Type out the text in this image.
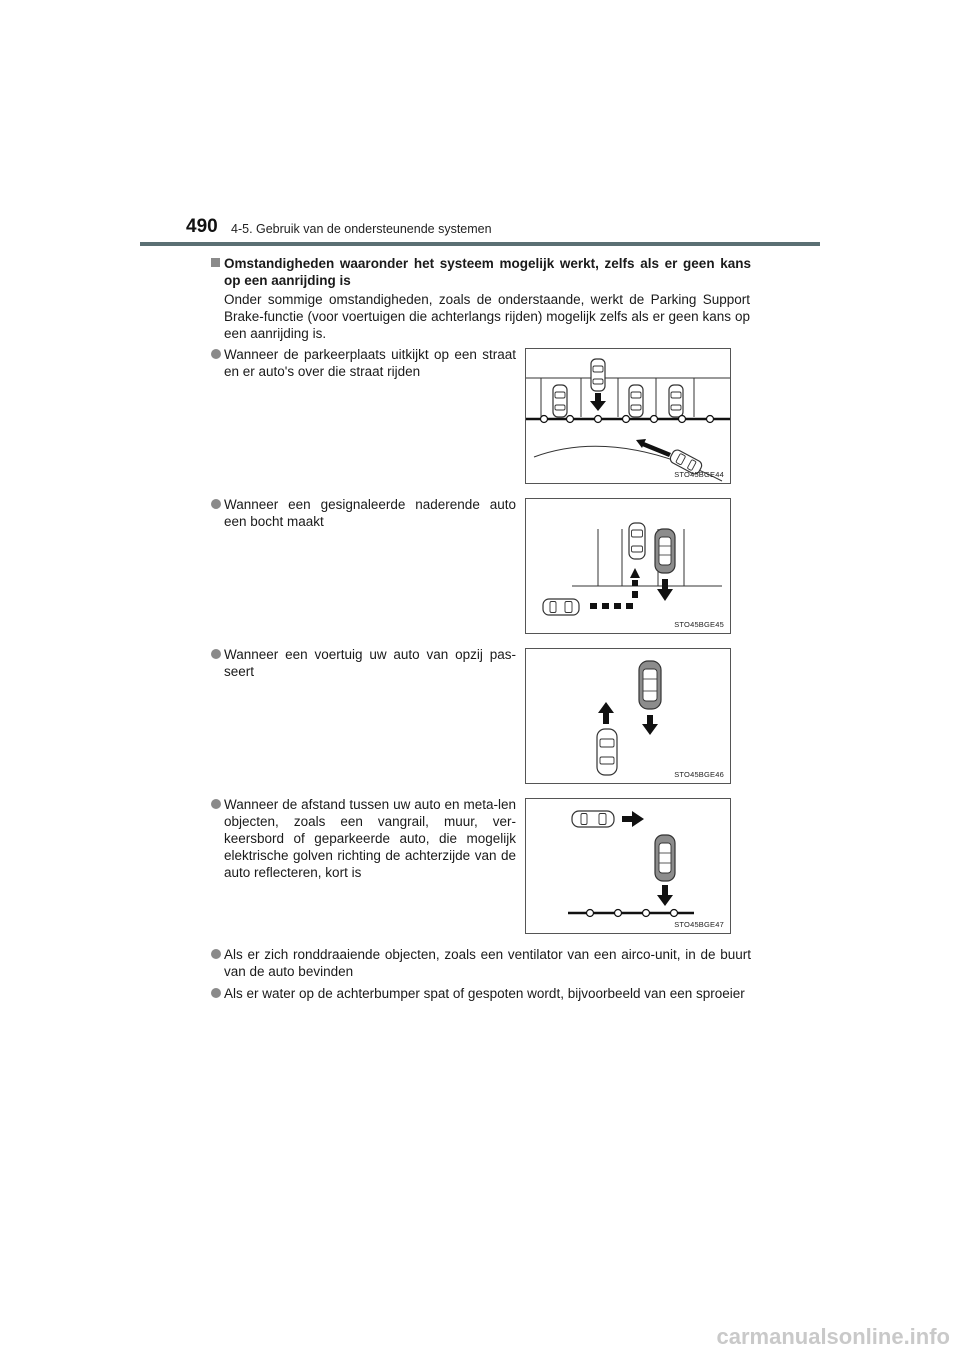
490 4-5. Gebruik van de ondersteunende systemen
Omstandigheden waaronder het systeem mogelijk werkt, zelfs als er geen kans op een aanrijding is
Onder sommige omstandigheden, zoals de onderstaande, werkt de Parking Support Brake-functie (voor voertuigen die achterlangs rijden) mogelijk zelfs als er geen kans op een aanrijding is.
Wanneer de parkeerplaats uitkijkt op een straat en er auto's over die straat rijden
STO45BGE44
Wanneer een gesignaleerde naderende auto een bocht maakt
STO45BGE45
Wanneer een voertuig uw auto van opzij pas-seert
STO45BGE46
Wanneer de afstand tussen uw auto en meta-len objecten, zoals een vangrail, muur, ver-keersbord of geparkeerde auto, die mogelijk elektrische golven richting de achterzijde van de auto reflecteren, kort is
STO45BGE47
Als er zich ronddraaiende objecten, zoals een ventilator van een airco-unit, in de buurt van de auto bevinden
Als er water op de achterbumper spat of gespoten wordt, bijvoorbeeld van een sproeier
carmanualsonline.info
